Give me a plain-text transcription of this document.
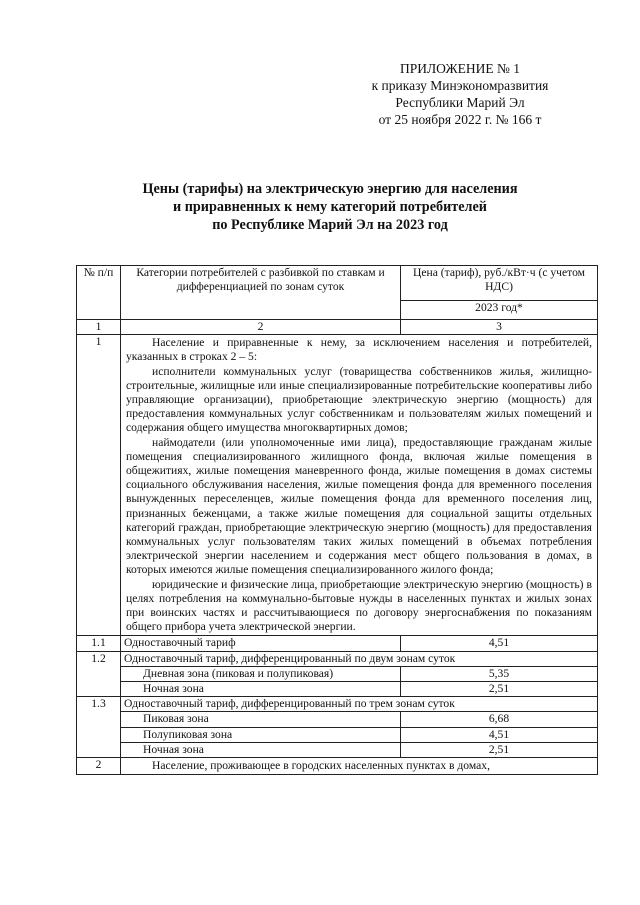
ПРИЛОЖЕНИЕ № 1
к приказу Минэкономразвития
Республики Марий Эл
от 25 ноября 2022 г. № 166 т
Цены (тарифы) на электрическую энергию для населения
и приравненных к нему категорий потребителей
по Республике Марий Эл на 2023 год
№ п/п	Категории потребителей с разбивкой по ставкам и дифференциацией по зонам суток	Цена (тариф), руб./кВт·ч (с учетом НДС)
		2023 год*
1	2	3
1	Население и приравненные к нему, за исключением населения и потребителей, указанных в строках 2 – 5:

исполнители коммунальных услуг (товарищества собственников жилья, жилищно-строительные, жилищные или иные специализированные потребительские кооперативы либо управляющие организации), приобретающие электрическую энергию (мощность) для предоставления коммунальных услуг собственникам и пользователям жилых помещений и содержания общего имущества многоквартирных домов;

наймодатели (или уполномоченные ими лица), предоставляющие гражданам жилые помещения специализированного жилищного фонда, включая жилые помещения в общежитиях, жилые помещения маневренного фонда, жилые помещения в домах системы социального обслуживания населения, жилые помещения фонда для временного поселения вынужденных переселенцев, жилые помещения фонда для временного поселения лиц, признанных беженцами, а также жилые помещения для социальной защиты отдельных категорий граждан, приобретающие электрическую энергию (мощность) для предоставления коммунальных услуг пользователям таких жилых помещений в объемах потребления электрической энергии населением и содержания мест общего пользования в домах, в которых имеются жилые помещения специализированного жилого фонда;

юридические и физические лица, приобретающие электрическую энергию (мощность) в целях потребления на коммунально-бытовые нужды в населенных пунктах и жилых зонах при воинских частях и рассчитывающиеся по договору энергоснабжения по показаниям общего прибора учета электрической энергии.	

1.1	Одноставочный тариф	4,51
1.2	Одноставочный тариф, дифференцированный по двум зонам суток	
	Дневная зона (пиковая и полупиковая)	5,35
	Ночная зона	2,51
1.3	Одноставочный тариф, дифференцированный по трем зонам суток	
	Пиковая зона	6,68
	Полупиковая зона	4,51
	Ночная зона	2,51
2	Население, проживающее в городских населенных пунктах в домах,	
